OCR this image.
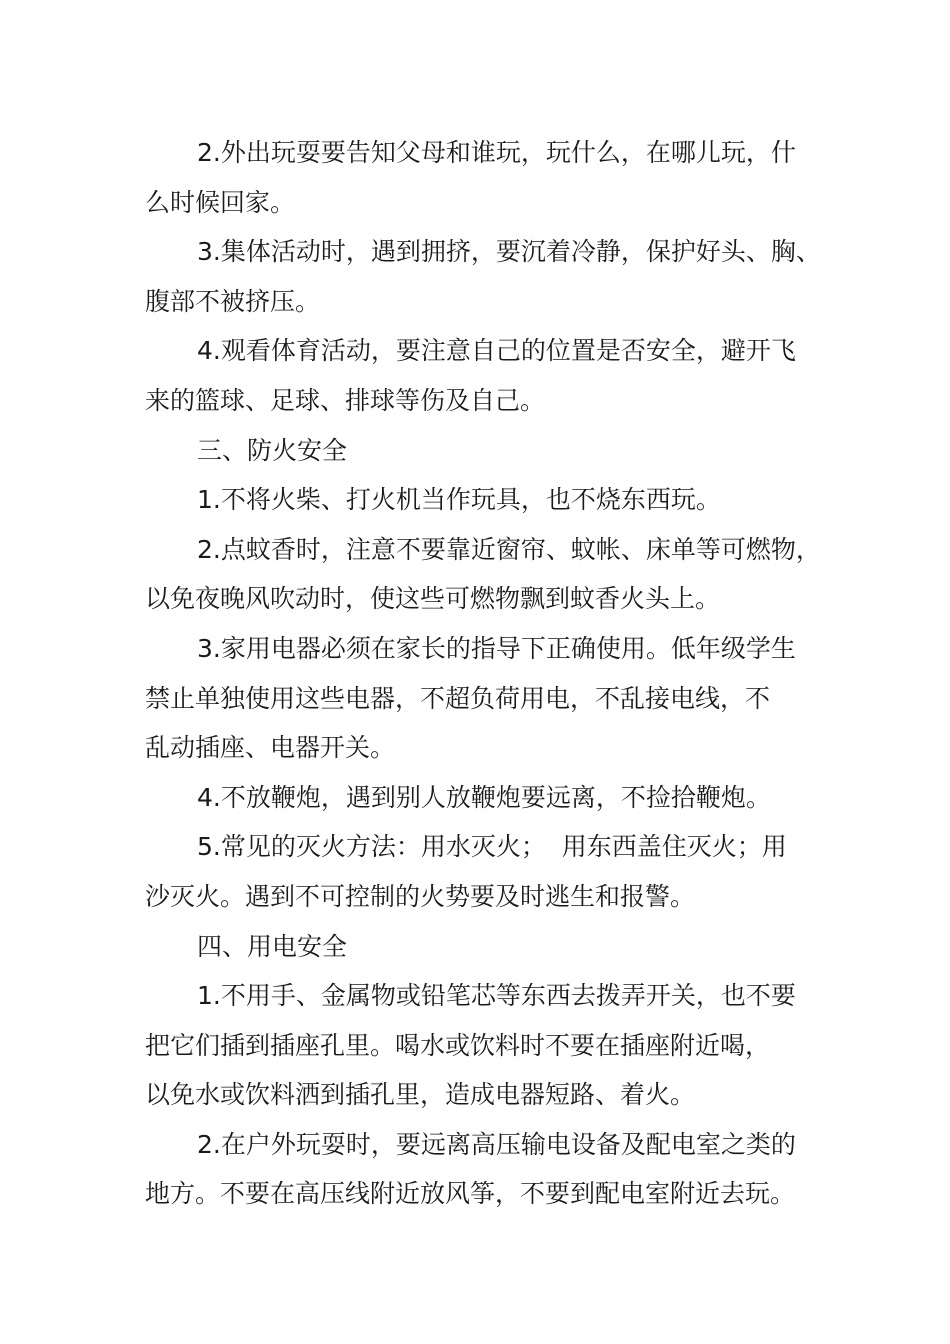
2.外出玩耍要告知父母和谁玩，玩什么，在哪儿玩，什
么时候回家。

3.集体活动时，遇到拥挤，要沉着冷静，保护好头、胸、
腹部不被挤压。

4.观看体育活动，要注意自己的位置是否安全，避开飞
来的篮球、足球、排球等伤及自己。

三、防火安全

1.不将火柴、打火机当作玩具，也不烧东西玩。

2.点蚊香时，注意不要靠近窗帘、蚊帐、床单等可燃物，
以免夜晚风吹动时，使这些可燃物飘到蚊香火头上。

3.家用电器必须在家长的指导下正确使用。低年级学生
禁止单独使用这些电器，不超负荷用电，不乱接电线，不
乱动插座、电器开关。

4.不放鞭炮，遇到别人放鞭炮要远离，不捡拾鞭炮。

5.常见的灭火方法：用水灭火；  用东西盖住灭火；用
沙灭火。遇到不可控制的火势要及时逃生和报警。

四、用电安全

1.不用手、金属物或铅笔芯等东西去拨弄开关，也不要
把它们插到插座孔里。喝水或饮料时不要在插座附近喝，
以免水或饮料洒到插孔里，造成电器短路、着火。

2.在户外玩耍时，要远离高压输电设备及配电室之类的
地方。不要在高压线附近放风筝，不要到配电室附近去玩。
